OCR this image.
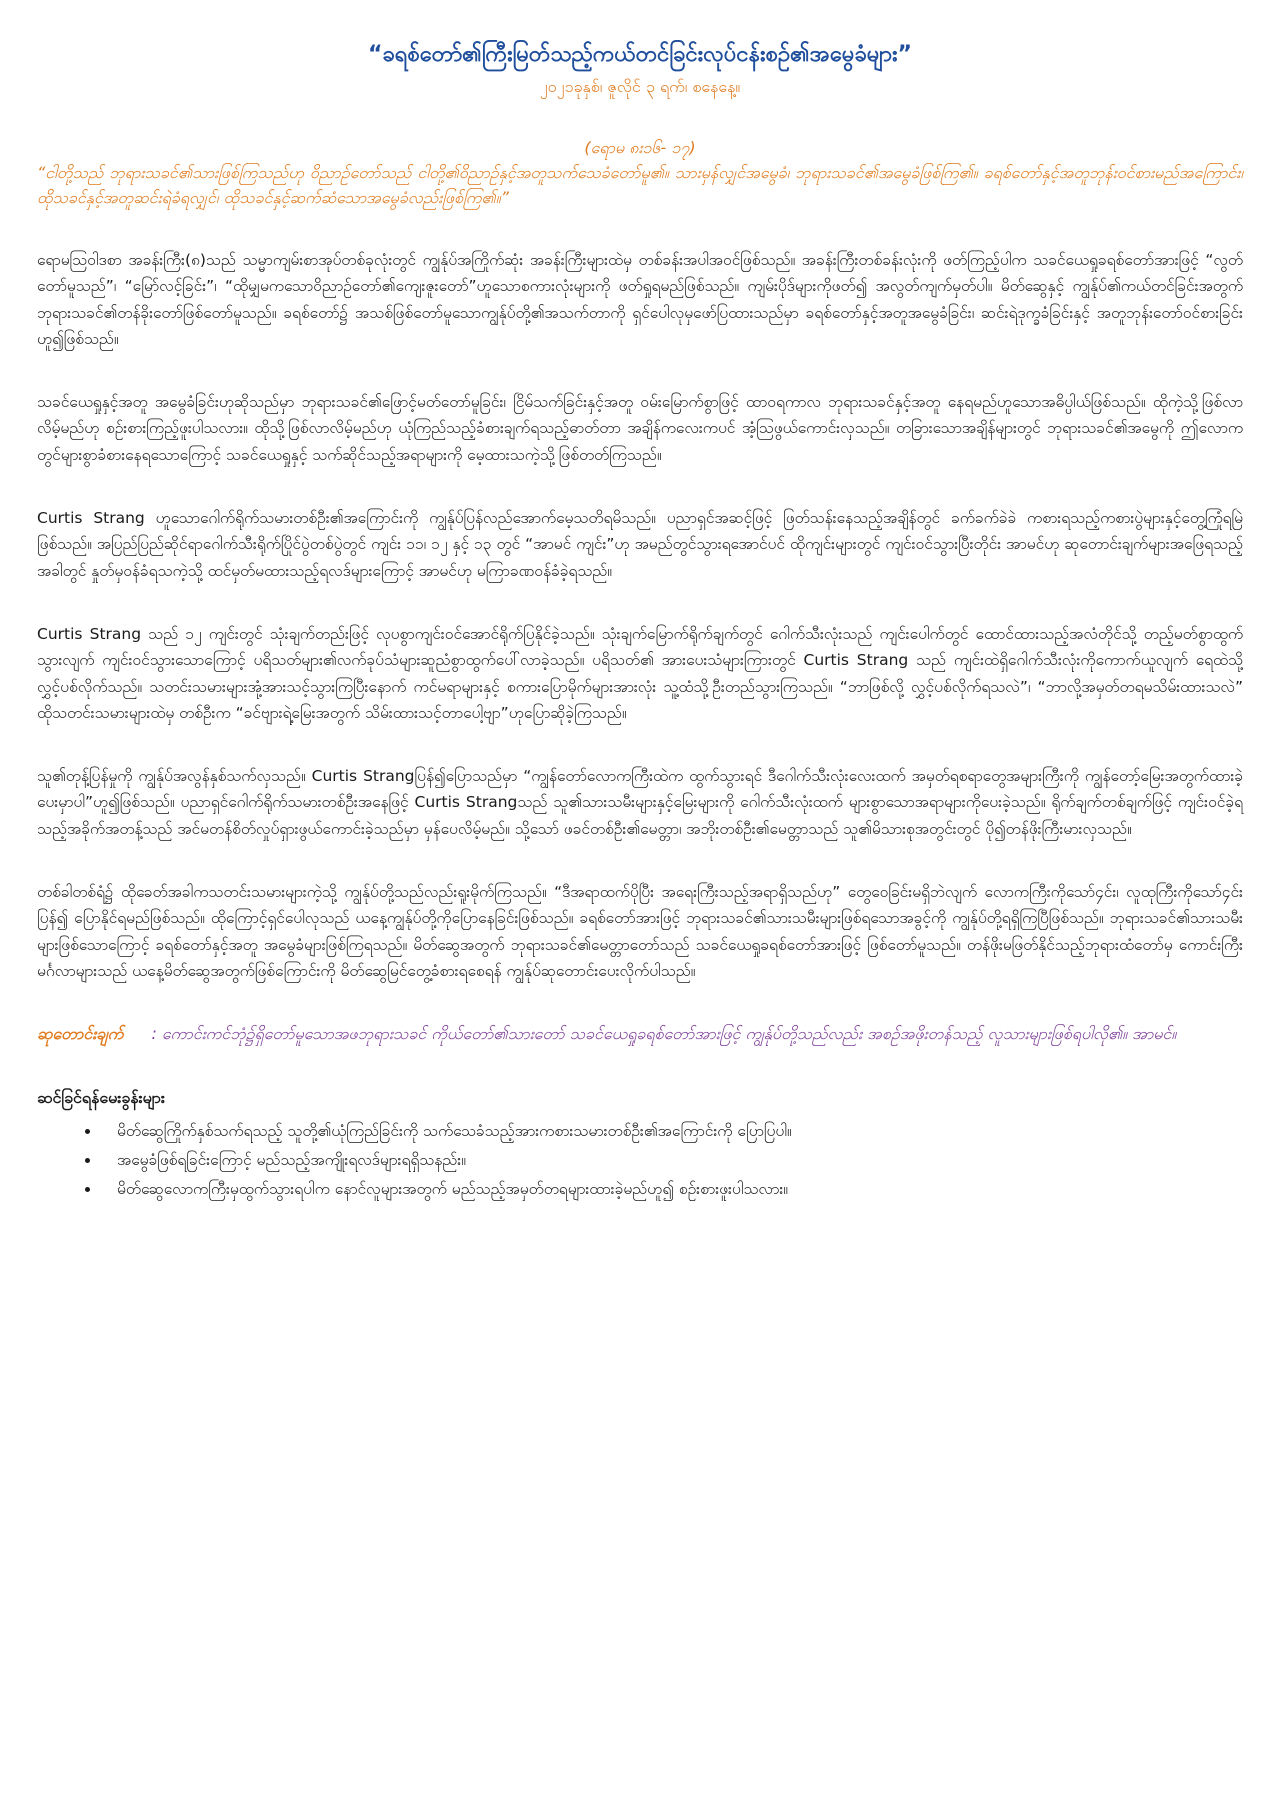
“ခရစ်တော်၏ကြီးမြတ်သည့်ကယ်တင်ခြင်းလုပ်ငန်းစဉ်၏အမွေခံများ”

၂၀၂၁ခုနှစ်၊ ဇူလိုင် ၃ ရက်၊ စနေနေ့။

(ရောမ ၈း၁၆- ၁၇)

“ငါတို့သည် ဘုရားသခင်၏သားဖြစ်ကြသည်ဟု ဝိညာဉ်တော်သည် ငါတို့၏ဝိညာဉ်နှင့်အတူသက်သေခံတော်မူ၏။ သားမှန်လျှင်အမွေခံ၊ ဘုရားသခင်၏အမွေခံဖြစ်ကြ၏။ ခရစ်တော်နှင့်အတူဘုန်းဝင်စားမည်အကြောင်း၊ ထိုသခင်နှင့်အတူဆင်းရဲခံရလျှင်၊ ထိုသခင်နှင့်ဆက်ဆံသောအမွေခံလည်းဖြစ်ကြ၏။”

ရောမသြဝါဒစာ အခန်းကြီး(၈)သည် သမ္မာကျမ်းစာအုပ်တစ်ခုလုံးတွင် ကျွန်ုပ်အကြိုက်ဆုံး အခန်းကြီးများထဲမှ တစ်ခန်းအပါအဝင်ဖြစ်သည်။ အခန်းကြီးတစ်ခန်းလုံးကို ဖတ်ကြည့်ပါက သခင်ယေရှုခရစ်တော်အားဖြင့် “လွတ်တော်မူသည်”၊ “မြော်လင့်ခြင်း”၊ “ထိုမျှမကသောဝိညာဉ်တော်၏ကျေးဇူးတော်”ဟူသောစကားလုံးများကို ဖတ်ရှုရမည်ဖြစ်သည်။ ကျမ်းပိုဒ်များကိုဖတ်၍ အလွတ်ကျက်မှတ်ပါ။ မိတ်ဆွေနှင့် ကျွန်ုပ်၏ကယ်တင်ခြင်းအတွက် ဘုရားသခင်၏တန်ခိုးတော်ဖြစ်တော်မူသည်။ ခရစ်တော်၌ အသစ်ဖြစ်တော်မူသောကျွန်ုပ်တို့၏အသက်တာကို ရှင်ပေါလုမှဖော်ပြထားသည်မှာ ခရစ်တော်နှင့်အတူအမွေခံခြင်း၊ ဆင်းရဲဒုက္ခခံခြင်းနှင့် အတူဘုန်းတော်ဝင်စားခြင်း ဟူ၍ဖြစ်သည်။

သခင်ယေရှုနှင့်အတူ အမွေခံခြင်းဟုဆိုသည်မှာ ဘုရားသခင်၏ဖြောင့်မတ်တော်မူခြင်း၊ ငြိမ်သက်ခြင်းနှင့်အတူ ဝမ်းမြောက်စွာဖြင့် ထာဝရကာလ ဘုရားသခင်နှင့်အတူ နေရမည်ဟူသောအဓိပ္ပါယ်ဖြစ်သည်။ ထိုကဲ့သို့ဖြစ်လာလိမ့်မည်ဟု စဉ်းစားကြည့်ဖူးပါသလား။ ထိုသို့ဖြစ်လာလိမ့်မည်ဟု ယုံကြည်သည့်ခံစားချက်ရသည့်ဓာတ်တာ အချိန်ကလေးကပင် အံ့သြဖွယ်ကောင်းလှသည်။ တခြားသောအချိန်များတွင် ဘုရားသခင်၏အမွေကို ဤလောကတွင်များစွာခံစားနေရသောကြောင့် သခင်ယေရှုနှင့် သက်ဆိုင်သည့်အရာများကို မေ့ထားသကဲ့သို့ဖြစ်တတ်ကြသည်။

Curtis Strang ဟူသောဂေါက်ရိုက်သမားတစ်ဦး၏အကြောင်းကို ကျွန်ုပ်ပြန်လည်အောက်မေ့သတိရမိသည်။ ပညာရှင်အဆင့်ဖြင့် ဖြတ်သန်းနေသည့်အချိန်တွင် ခက်ခက်ခဲခဲ ကစားရသည့်ကစားပွဲများနှင့်တွေ့ကြုံရမြဲဖြစ်သည်။ အပြည်ပြည်ဆိုင်ရာဂေါက်သီးရိုက်ပြိုင်ပွဲတစ်ပွဲတွင် ကျင်း ၁၁၊ ၁၂ နှင့် ၁၃ တွင် “အာမင် ကျင်း”ဟု အမည်တွင်သွားရအောင်ပင် ထိုကျင်းများတွင် ကျင်းဝင်သွားပြီးတိုင်း အာမင်ဟု ဆုတောင်းချက်များအဖြေရသည့်အခါတွင် နှုတ်မှဝန်ခံရသကဲ့သို့ ထင်မှတ်မထားသည့်ရလဒ်များကြောင့် အာမင်ဟု မကြာခဏဝန်ခံခဲ့ရသည်။

Curtis Strang သည် ၁၂ ကျင်းတွင် သုံးချက်တည်းဖြင့် လုပစွာကျင်းဝင်အောင်ရိုက်ပြနိုင်ခဲ့သည်။ သုံးချက်မြောက်ရိုက်ချက်တွင် ဂေါက်သီးလုံးသည် ကျင်းပေါက်တွင် ထောင်ထားသည့်အလံတိုင်သို့ တည့်မတ်စွာထွက်သွားလျက် ကျင်းဝင်သွားသောကြောင့် ပရိသတ်များ၏လက်ခုပ်သံများဆူညံစွာထွက်ပေါ်လာခဲ့သည်။ ပရိသတ်၏ အားပေးသံများကြားတွင် Curtis Strang သည် ကျင်းထဲရှိဂေါက်သီးလုံးကိုကောက်ယူလျက် ရေထဲသို့လွှင့်ပစ်လိုက်သည်။ သတင်းသမားများအုံ့အားသင့်သွားကြပြီးနောက် ကင်မရာများနှင့် စကားပြောမိုက်များအားလုံး သူ့ထံသို့ဦးတည်သွားကြသည်။ “ဘာဖြစ်လို့ လွှင့်ပစ်လိုက်ရသလဲ”၊ “ဘာလို့အမှတ်တရမသိမ်းထားသလဲ” ထိုသတင်းသမားများထဲမှ တစ်ဦးက “ခင်ဗျားရဲ့မြေးအတွက် သိမ်းထားသင့်တာပေါ့ဗျာ”ဟုပြောဆိုခဲ့ကြသည်။

သူ၏တုန့်ပြန်မှုကို ကျွန်ုပ်အလွန်နှစ်သက်လှသည်။ Curtis Strangပြန်၍ပြောသည်မှာ “ကျွန်တော်လောကကြီးထဲက ထွက်သွားရင် ဒီဂေါက်သီးလုံးလေးထက် အမှတ်ရစရာတွေအများကြီးကို ကျွန်တော့်မြေးအတွက်ထားခဲ့ပေးမှာပါ”ဟူ၍ဖြစ်သည်။ ပညာရှင်ဂေါက်ရိုက်သမားတစ်ဦးအနေဖြင့် Curtis Strangသည် သူ၏သားသမီးများနှင့်မြေးများကို ဂေါက်သီးလုံးထက် များစွာသောအရာများကိုပေးခဲ့သည်။ ရိုက်ချက်တစ်ချက်ဖြင့် ကျင်းဝင်ခဲ့ရသည့်အခိုက်အတန့်သည် အင်မတန်စိတ်လှုပ်ရှားဖွယ်ကောင်းခဲ့သည်မှာ မှန်ပေလိမ့်မည်။ သို့သော် ဖခင်တစ်ဦး၏မေတ္တာ၊ အဘိုးတစ်ဦး၏မေတ္တာသည် သူ၏မိသားစုအတွင်းတွင် ပို၍တန်ဖိုးကြီးမားလှသည်။

တစ်ခါတစ်ရံ၌ ထိုခေတ်အခါကသတင်းသမားများကဲ့သို့ ကျွန်ုပ်တို့သည်လည်းရူးမိုက်ကြသည်။ “ဒီအရာထက်ပိုပြီး အရေးကြီးသည့်အရာရှိသည်ဟု” တွေဝေခြင်းမရှိဘဲလျက် လောကကြီးကိုသော်၄င်း၊ လူထုကြီးကိုသော်၄င်းပြန်၍ ပြောနိုင်ရမည်ဖြစ်သည်။ ထိုကြောင့်ရှင်ပေါလုသည် ယနေ့ကျွန်ုပ်တို့ကိုပြောနေခြင်းဖြစ်သည်။ ခရစ်တော်အားဖြင့် ဘုရားသခင်၏သားသမီးများဖြစ်ရသောအခွင့်ကို ကျွန်ုပ်တို့ရရှိကြပြီဖြစ်သည်။ ဘုရားသခင်၏သားသမီးများဖြစ်သောကြောင့် ခရစ်တော်နှင့်အတူ အမွေခံများဖြစ်ကြရသည်။ မိတ်ဆွေအတွက် ဘုရားသခင်၏မေတ္တာတော်သည် သခင်ယေရှုခရစ်တော်အားဖြင့် ဖြစ်တော်မူသည်။ တန်ဖိုးမဖြတ်နိုင်သည့်ဘုရားထံတော်မှ ကောင်းကြီးမင်္ဂလာများသည် ယနေ့မိတ်ဆွေအတွက်ဖြစ်ကြောင်းကို မိတ်ဆွေမြင်တွေ့ခံစားရစေရန် ကျွန်ုပ်ဆုတောင်းပေးလိုက်ပါသည်။

ဆုတောင်းချက် : ကောင်းကင်ဘုံ၌ရှိတော်မူသောအဖဘုရားသခင် ကိုယ်တော်၏သားတော် သခင်ယေရှုခရစ်တော်အားဖြင့် ကျွန်ုပ်တို့သည်လည်း အစဉ်အဖိုးတန်သည့် လူသားများဖြစ်ရပါလို၏။ အာမင်။

ဆင်ခြင်ရန်မေးခွန်းများ
• မိတ်ဆွေကြိုက်နှစ်သက်ရသည့် သူတို့၏ယုံကြည်ခြင်းကို သက်သေခံသည့်အားကစားသမားတစ်ဦး၏အကြောင်းကို ပြောပြပါ။
• အမွေခံဖြစ်ရခြင်းကြောင့် မည်သည့်အကျိုးရလဒ်များရရှိသနည်း။
• မိတ်ဆွေလောကကြီးမှထွက်သွားရပါက နောင်လူများအတွက် မည်သည့်အမှတ်တရများထားခဲ့မည်ဟူ၍ စဉ်းစားဖူးပါသလား။
